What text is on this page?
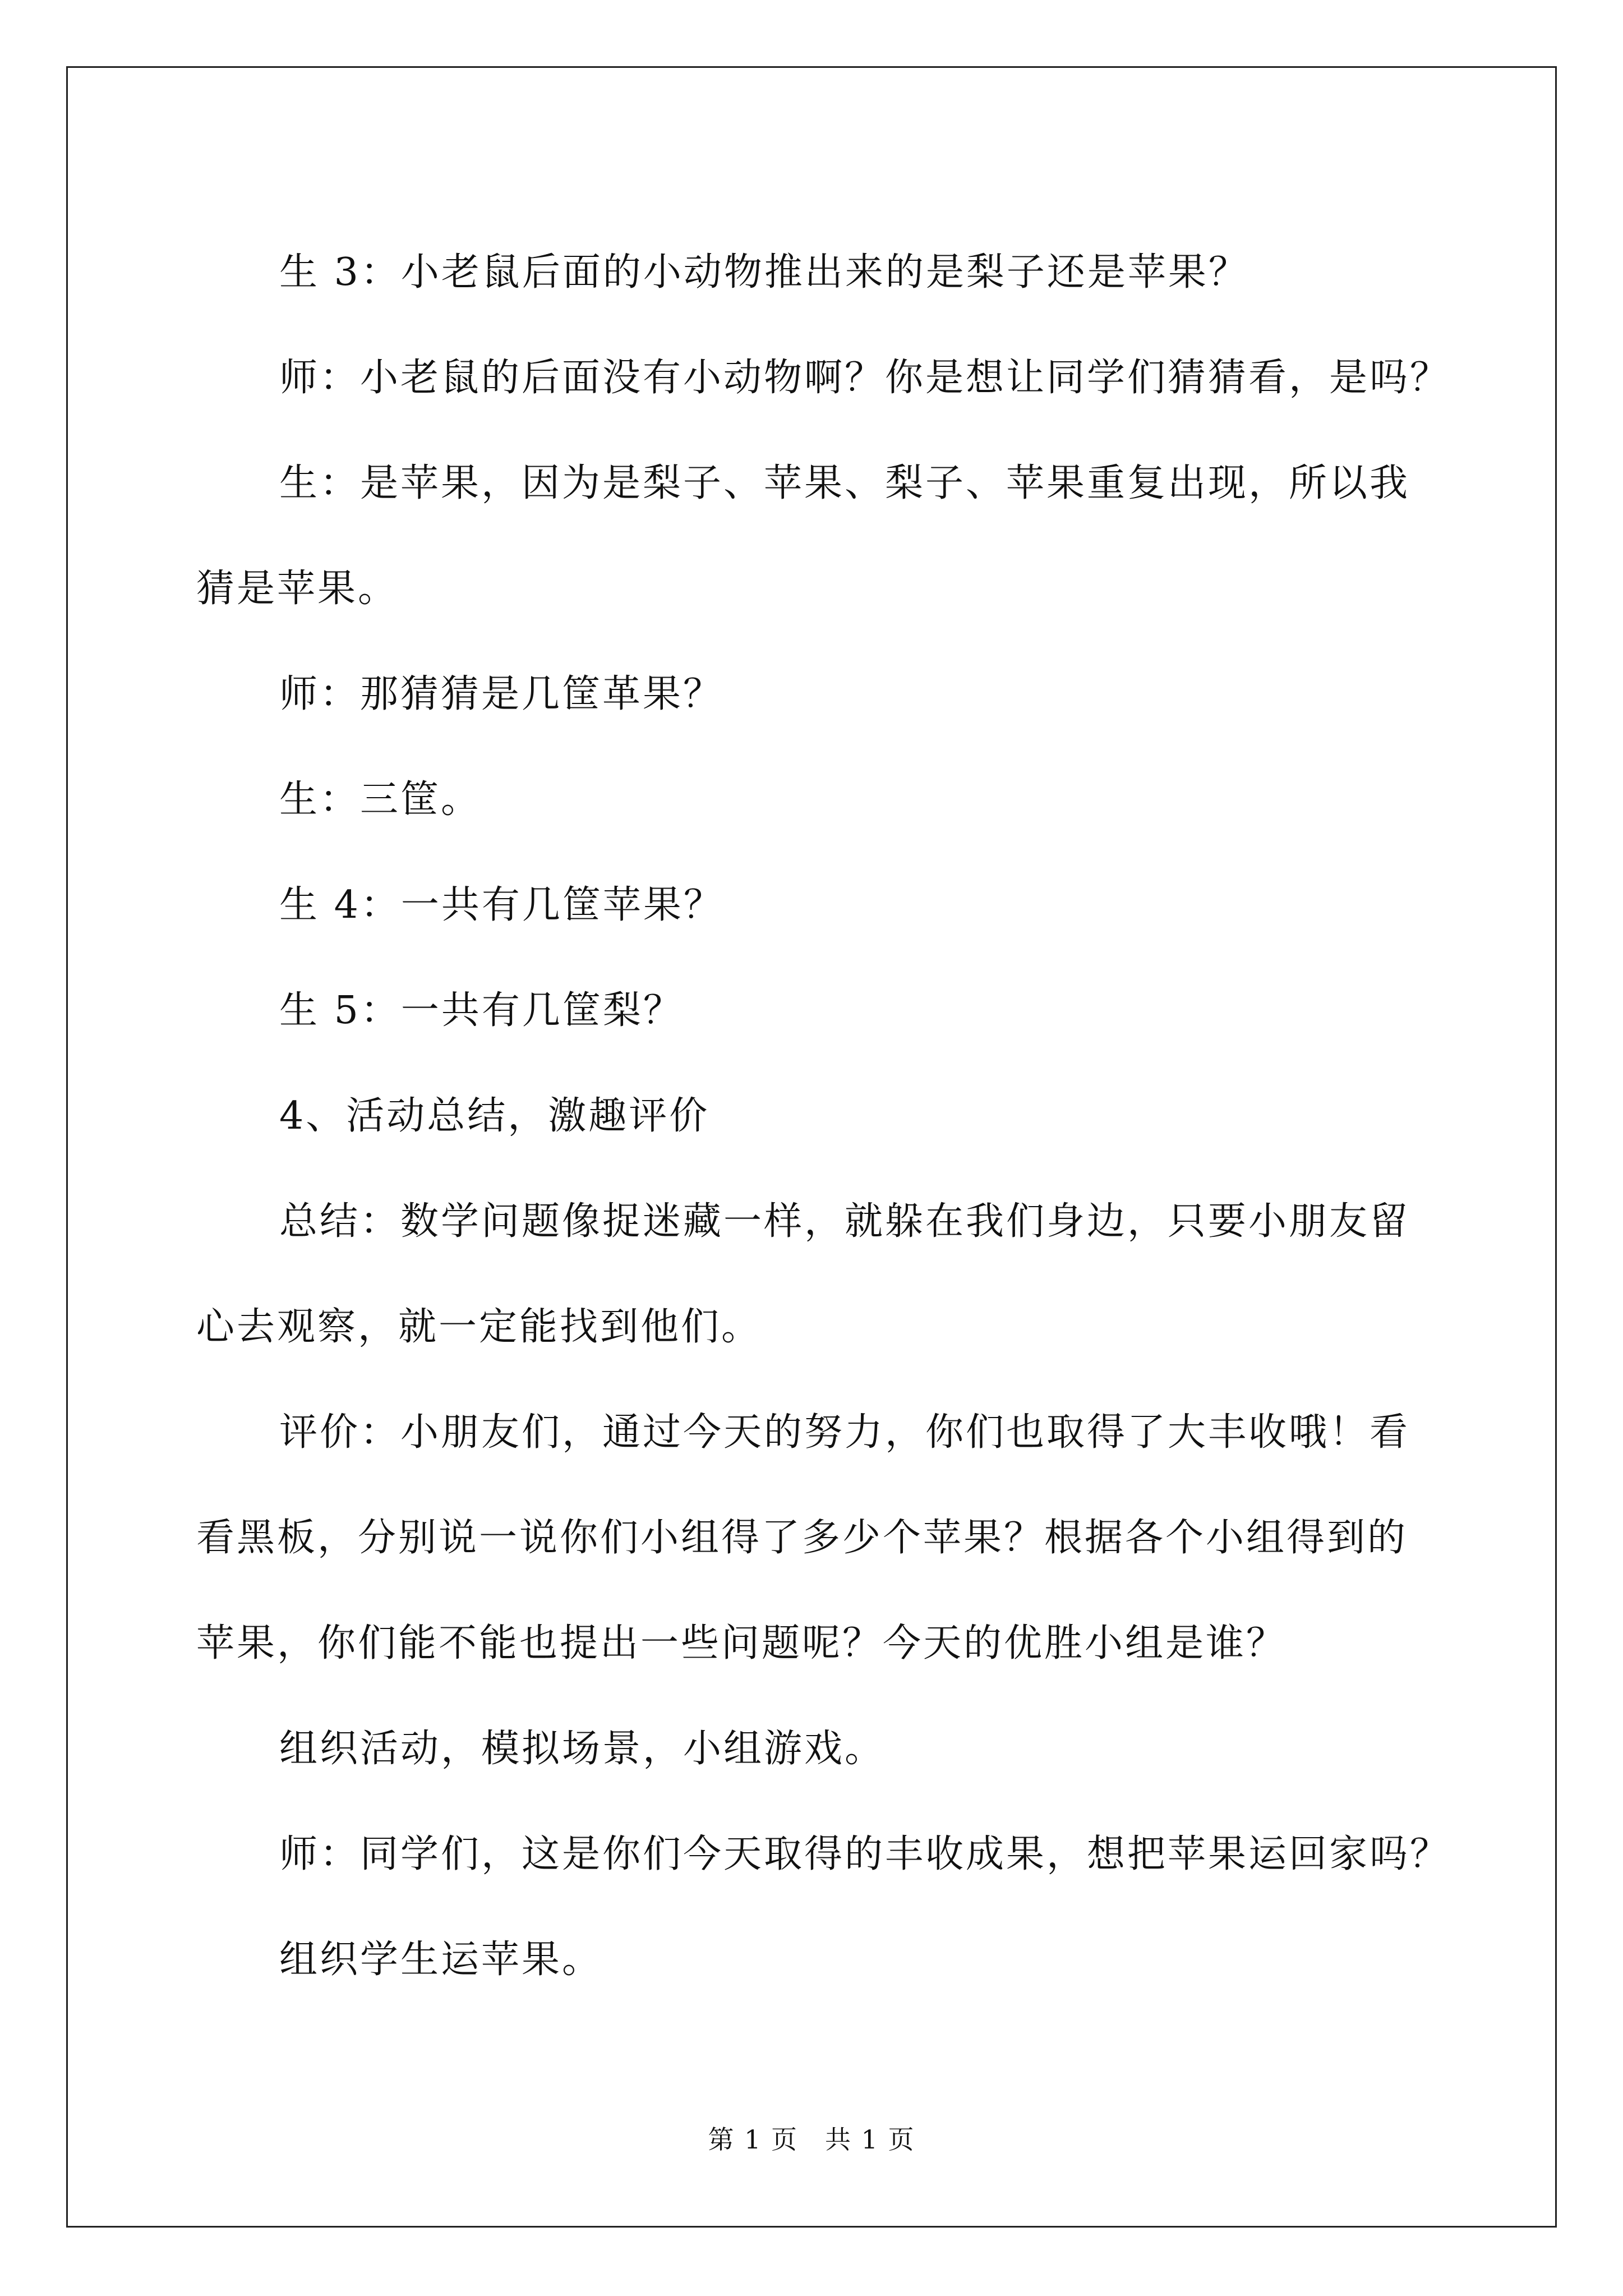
生 3：小老鼠后面的小动物推出来的是梨子还是苹果？

师：小老鼠的后面没有小动物啊？你是想让同学们猜猜看，是吗？

生：是苹果，因为是梨子、苹果、梨子、苹果重复出现，所以我

猜是苹果。

师：那猜猜是几筐革果？

生：三筐。

生 4：一共有几筐苹果？

生 5：一共有几筐梨？

4、活动总结，激趣评价

总结：数学问题像捉迷藏一样，就躲在我们身边，只要小朋友留

心去观察，就一定能找到他们。

评价：小朋友们，通过今天的努力，你们也取得了大丰收哦！看

看黑板，分别说一说你们小组得了多少个苹果？根据各个小组得到的

苹果，你们能不能也提出一些问题呢？今天的优胜小组是谁？

组织活动，模拟场景，小组游戏。

师：同学们，这是你们今天取得的丰收成果，想把苹果运回家吗？

组织学生运苹果。

第 1 页 共 1 页
